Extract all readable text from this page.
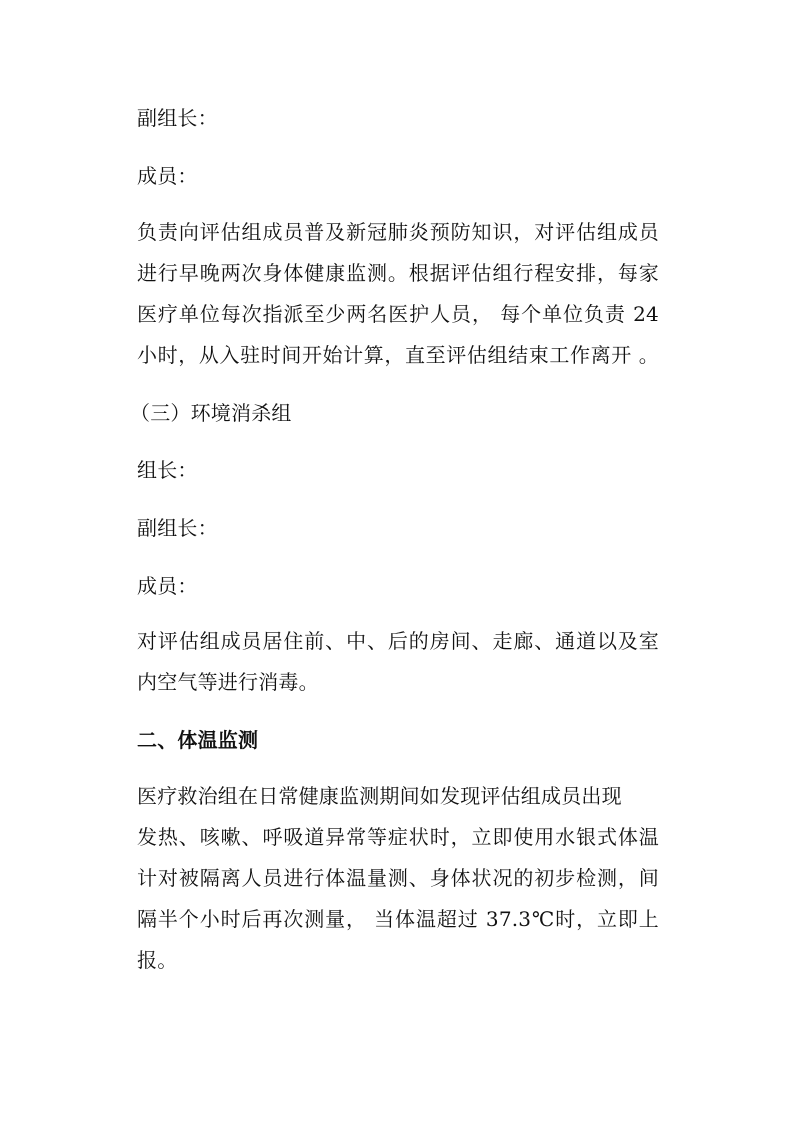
副组长：
成员：
负责向评估组成员普及新冠肺炎预防知识，对评估组成员
进行早晚两次身体健康监测。根据评估组行程安排，每家
医疗单位每次指派至少两名医护人员， 每个单位负责 24
小时，从入驻时间开始计算，直至评估组结束工作离开 。
（三）环境消杀组
组长：
副组长：
成员：
对评估组成员居住前、中、后的房间、走廊、通道以及室
内空气等进行消毒。
二、体温监测
医疗救治组在日常健康监测期间如发现评估组成员出现
发热、咳嗽、呼吸道异常等症状时，立即使用水银式体温
计对被隔离人员进行体温量测、身体状况的初步检测，间
隔半个小时后再次测量， 当体温超过 37.3℃时，立即上
报。
